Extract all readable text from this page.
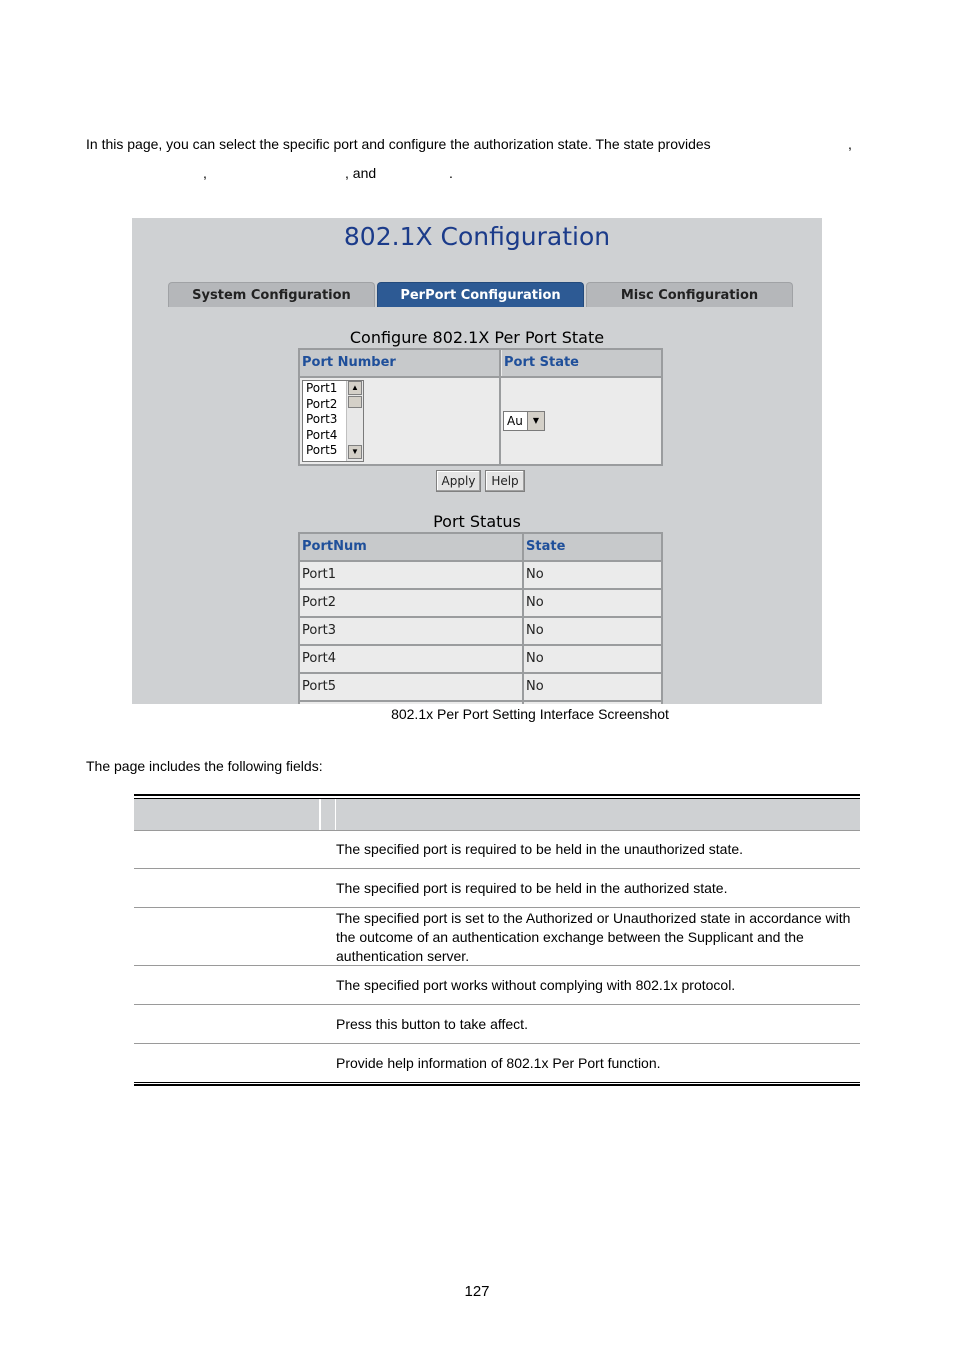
In this page, you can select the specific port and configure the authorization state. The state provides	,
,	, and	.
802.1X Configuration
System Configuration	PerPort Configuration	Misc Configuration
Configure 802.1X Per Port State
Port Number	Port State
Port1
Port2
Port3
Port4
Port5
▲
▼
Au	▼
Apply	Help
Port Status
PortNum	State
Port1	No
Port2	No
Port3	No
Port4	No
Port5	No
802.1x Per Port Setting Interface Screenshot
The page includes the following fields:
The specified port is required to be held in the unauthorized state.
The specified port is required to be held in the authorized state.
The specified port is set to the Authorized or Unauthorized state in accordance with the outcome of an authentication exchange between the Supplicant and the authentication server.
The specified port works without complying with 802.1x protocol.
Press this button to take affect.
Provide help information of 802.1x Per Port function.
127
